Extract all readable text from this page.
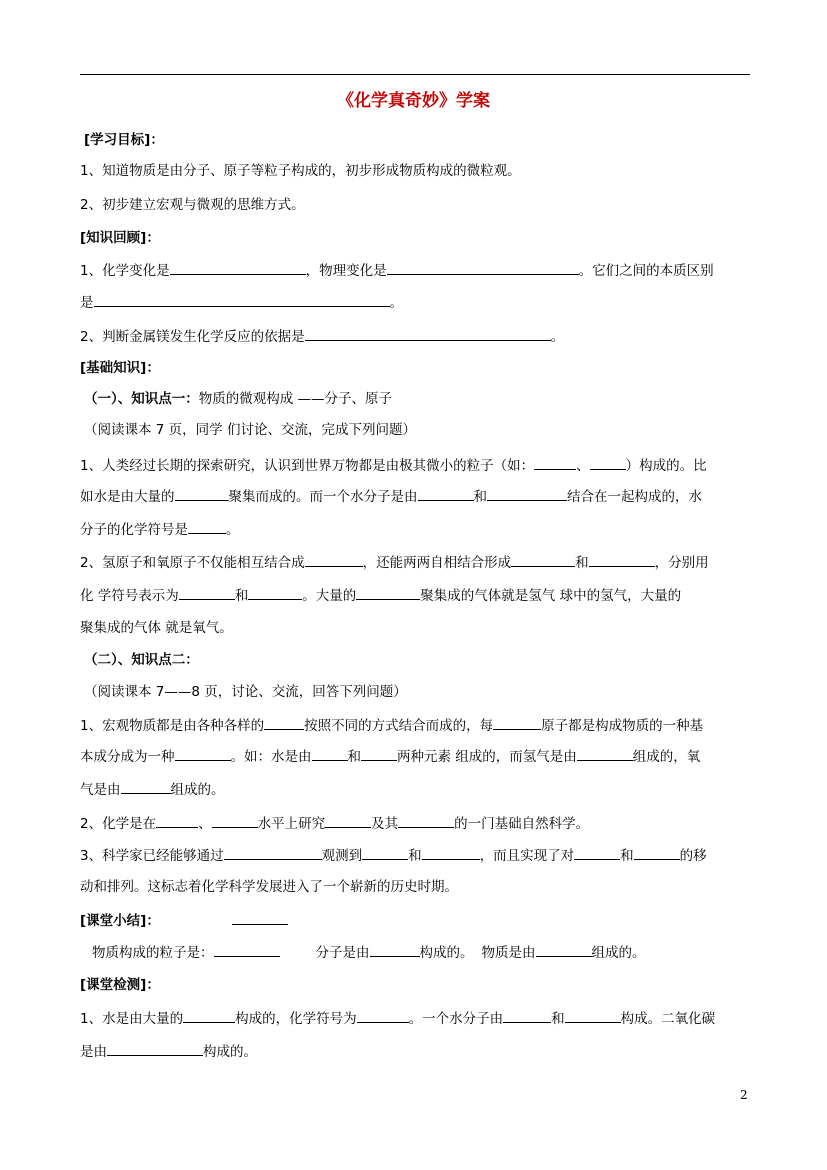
《化学真奇妙》学案
[学习目标]：
1、知道物质是由分子、原子等粒子构成的，初步形成物质构成的微粒观。
2、初步建立宏观与微观的思维方式。
[知识回顾]：
1、化学变化是	，物理变化是	。它们之间的本质区别
是	。
2、判断金属镁发生化学反应的依据是	。
[基础知识]：
（一）、知识点一：物质的微观构成 ——分子、原子
（阅读课本 7 页，同学 们讨论、交流，完成下列问题）
1、人类经过长期的探索研究，认识到世界万物都是由极其微小的粒子（如：	、	）构成的。比
如水是由大量的	聚集而成的。而一个水分子是由	和	结合在一起构成的，水
分子的化学符号是	。
2、氢原子和氧原子不仅能相互结合成	，还能两两自相结合形成	和	，分别用
化 学符号表示为	和	。大量的	聚集成的气体就是氢气 球中的氢气，大量的
聚集成的气体 就是氧气。
（二）、知识点二：
（阅读课本 7——8 页，讨论、交流，回答下列问题）
1、宏观物质都是由各种各样的	按照不同的方式结合而成的，每	原子都是构成物质的一种基
本成分成为一种	。如：水是由	和	两种元素 组成的，而氢气是由	组成的，氧
气是由	组成的。
2、化学是在	、	水平上研究	及其	的一门基础自然科学。
3、科学家已经能够通过	观测到	和	，而且实现了对	和	的移
动和排列。这标志着化学科学发展进入了一个崭新的历史时期。
[课堂小结]：
物质构成的粒子是：	分子是由	构成的。 物质是由	组成的。
[课堂检测]：
1、水是由大量的	构成的，化学符号为	。一个水分子由	和	构成。二氧化碳
是由	构成的。
2
